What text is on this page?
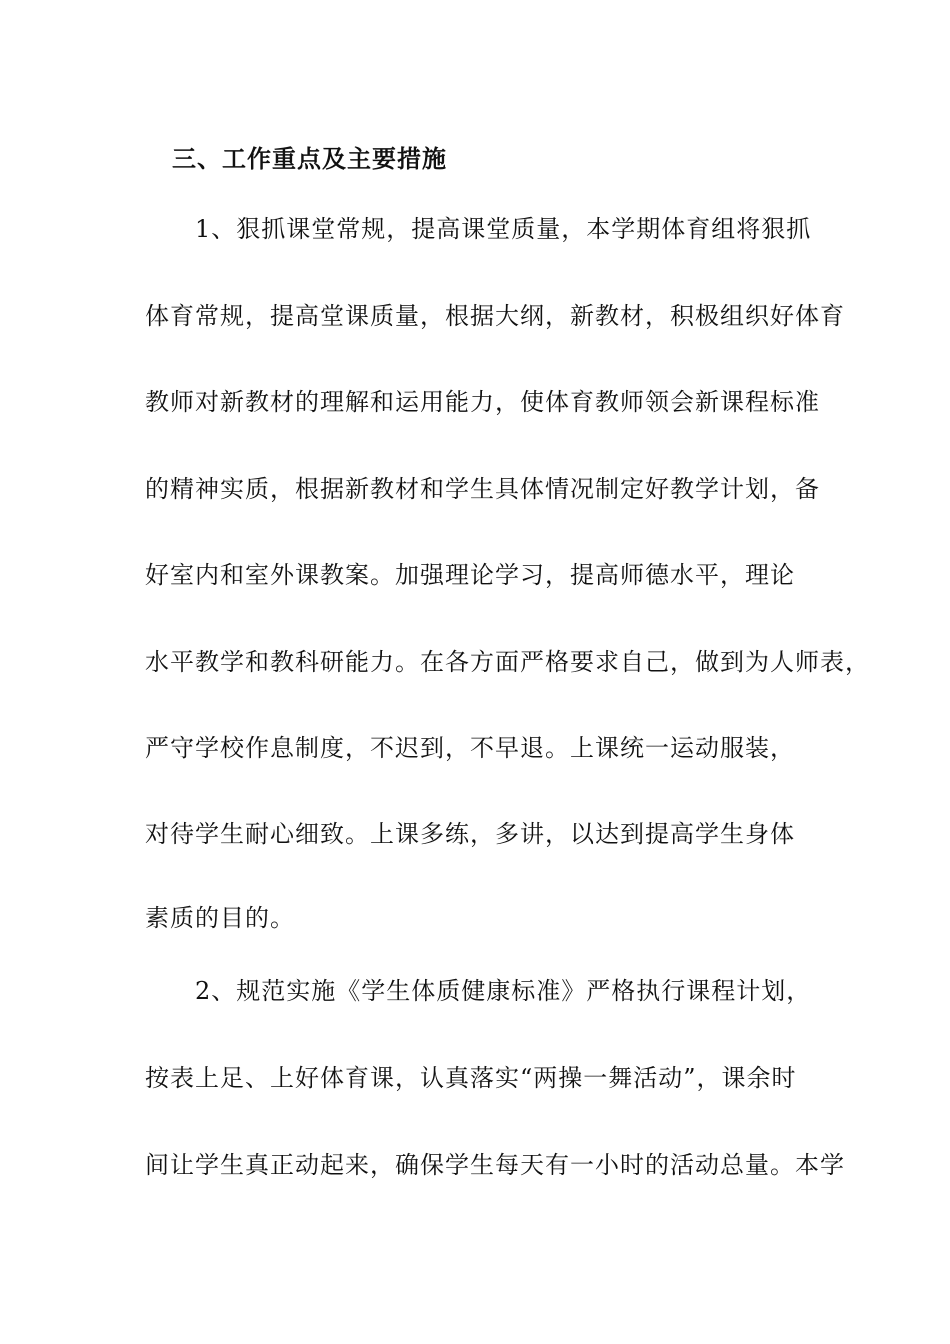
三、工作重点及主要措施
1、狠抓课堂常规，提高课堂质量，本学期体育组将狠抓
体育常规，提高堂课质量，根据大纲，新教材，积极组织好体育
教师对新教材的理解和运用能力，使体育教师领会新课程标准
的精神实质，根据新教材和学生具体情况制定好教学计划，备
好室内和室外课教案。加强理论学习，提高师德水平，理论
水平教学和教科研能力。在各方面严格要求自己，做到为人师表，
严守学校作息制度，不迟到，不早退。上课统一运动服装，
对待学生耐心细致。上课多练，多讲，以达到提高学生身体
素质的目的。
2、规范实施《学生体质健康标准》严格执行课程计划，
按表上足、上好体育课，认真落实“两操一舞活动”，课余时
间让学生真正动起来，确保学生每天有一小时的活动总量。本学
